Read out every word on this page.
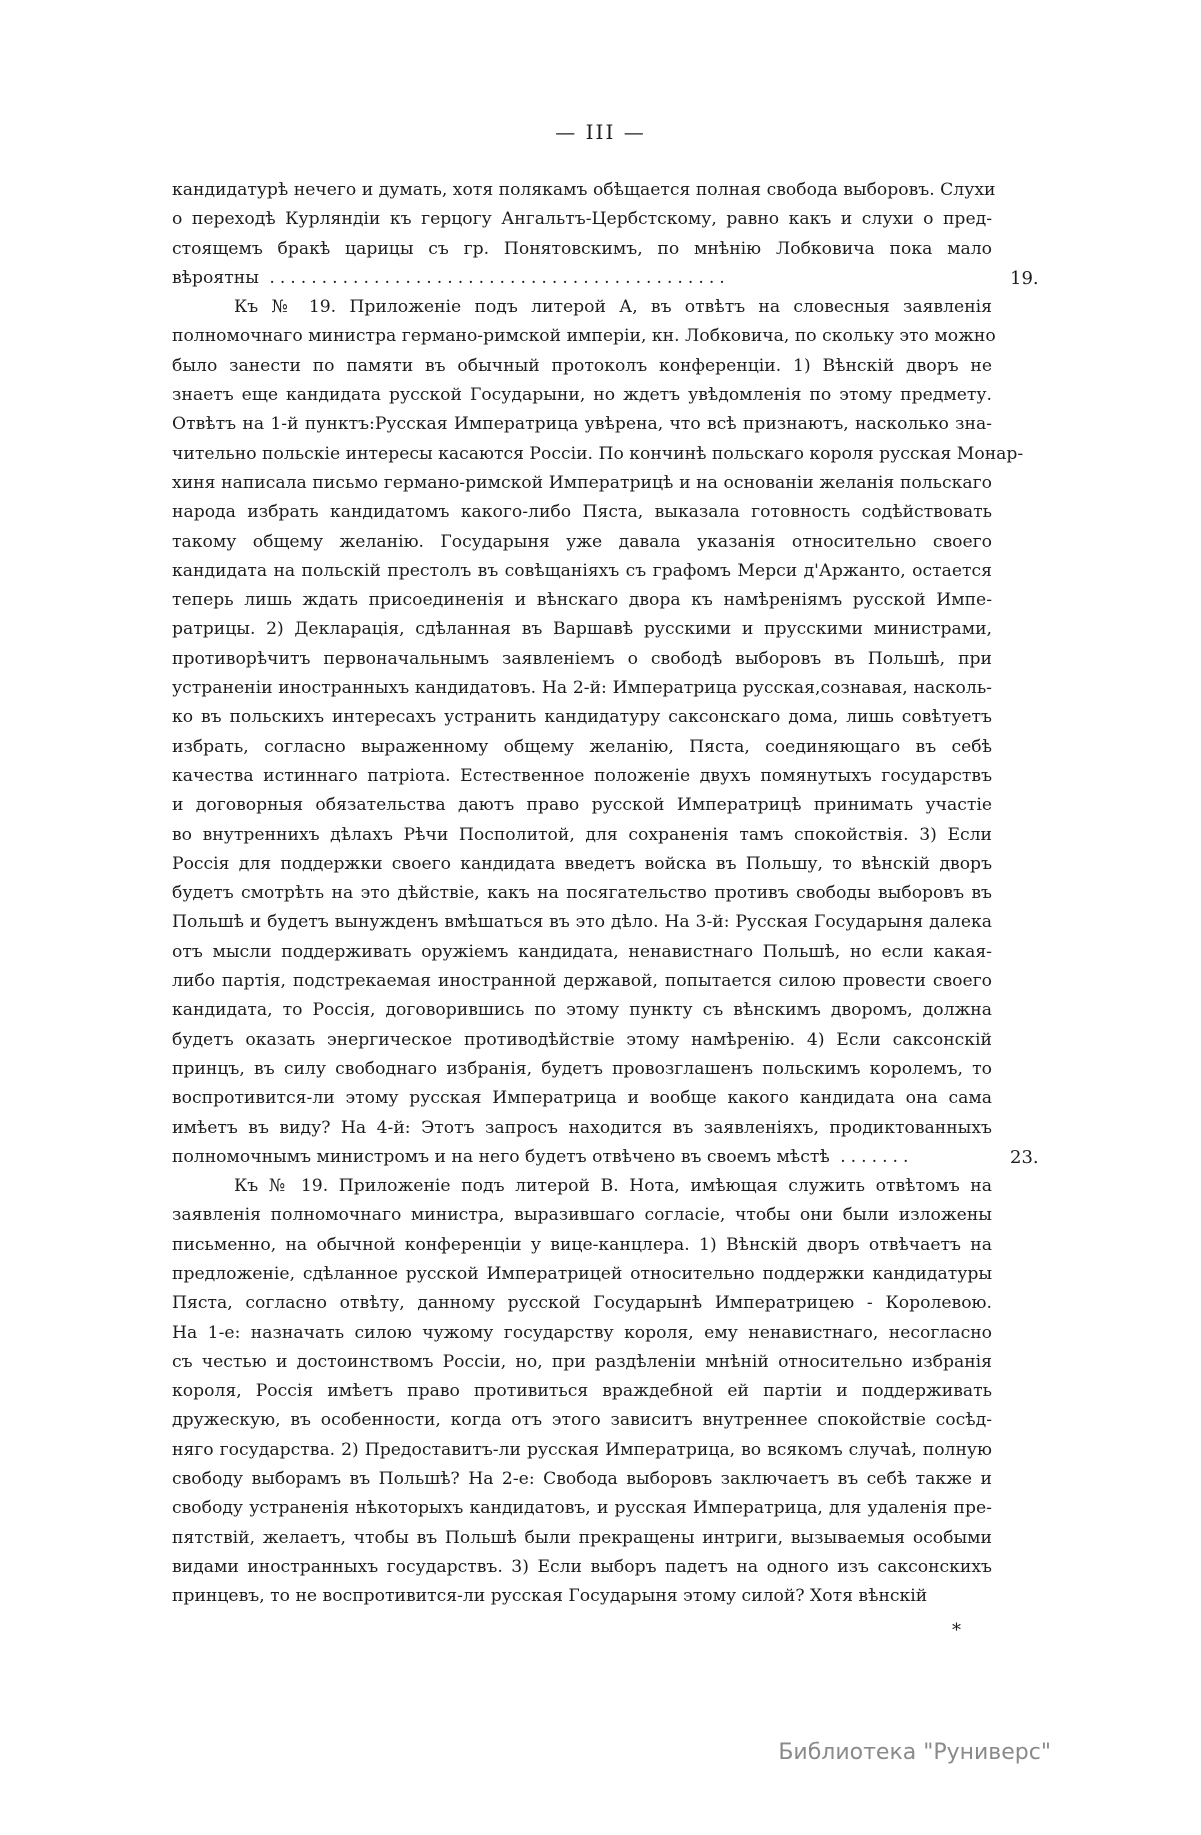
— III —
кандидатурѣ нечего и думать, хотя полякамъ обѣщается полная свобода выборовъ. Слухи
о переходѣ Курляндіи къ герцогу Ангальтъ-Цербстскому, равно какъ и слухи о пред-
стоящемъ бракѣ царицы съ гр. Понятовскимъ, по мнѣнію Лобковича пока мало
вѣроятны ............................................
Къ № 19. Приложеніе подъ литерой А, въ отвѣтъ на словесныя заявленія
полномочнаго министра германо-римской имперіи, кн. Лобковича, по скольку это можно
было занести по памяти въ обычный протоколъ конференціи. 1) Вѣнскій дворъ не
знаетъ еще кандидата русской Государыни, но ждетъ увѣдомленія по этому предмету.
Отвѣтъ на 1-й пунктъ:Русская Императрица увѣрена, что всѣ признаютъ, насколько зна-
чительно польскіе интересы касаются Россіи. По кончинѣ польскаго короля русская Монар-
хиня написала письмо германо-римской Императрицѣ и на основаніи желанія польскаго
народа избрать кандидатомъ какого-либо Пяста, выказала готовность содѣйствовать
такому общему желанію. Государыня уже давала указанія относительно своего
кандидата на польскій престолъ въ совѣщаніяхъ съ графомъ Мерси д'Аржанто, остается
теперь лишь ждать присоединенія и вѣнскаго двора къ намѣреніямъ русской Импе-
ратрицы. 2) Декларація, сдѣланная въ Варшавѣ русскими и прусскими министрами,
противорѣчитъ первоначальнымъ заявленіемъ о свободѣ выборовъ въ Польшѣ, при
устраненіи иностранныхъ кандидатовъ. На 2-й: Императрица русская,сознавая, насколь-
ко въ польскихъ интересахъ устранить кандидатуру саксонскаго дома, лишь совѣтуетъ
избрать, согласно выраженному общему желанію, Пяста, соединяющаго въ себѣ
качества истиннаго патріота. Естественное положеніе двухъ помянутыхъ государствъ
и договорныя обязательства даютъ право русской Императрицѣ принимать участіе
во внутреннихъ дѣлахъ Рѣчи Посполитой, для сохраненія тамъ спокойствія. 3) Если
Россія для поддержки своего кандидата введетъ войска въ Польшу, то вѣнскій дворъ
будетъ смотрѣть на это дѣйствіе, какъ на посягательство противъ свободы выборовъ въ
Польшѣ и будетъ вынужденъ вмѣшаться въ это дѣло. На 3-й: Русская Государыня далека
отъ мысли поддерживать оружіемъ кандидата, ненавистнаго Польшѣ, но если какая-
либо партія, подстрекаемая иностранной державой, попытается силою провести своего
кандидата, то Россія, договорившись по этому пункту съ вѣнскимъ дворомъ, должна
будетъ оказать энергическое противодѣйствіе этому намѣренію. 4) Если саксонскій
принцъ, въ силу свободнаго избранія, будетъ провозглашенъ польскимъ королемъ, то
воспротивится-ли этому русская Императрица и вообще какого кандидата она сама
имѣетъ въ виду? На 4-й: Этотъ запросъ находится въ заявленіяхъ, продиктованныхъ
полномочнымъ министромъ и на него будетъ отвѣчено въ своемъ мѣстѣ .......
Къ № 19. Приложеніе подъ литерой В. Нота, имѣющая служить отвѣтомъ на
заявленія полномочнаго министра, выразившаго согласіе, чтобы они были изложены
письменно, на обычной конференціи у вице-канцлера. 1) Вѣнскій дворъ отвѣчаетъ на
предложеніе, сдѣланное русской Императрицей относительно поддержки кандидатуры
Пяста, согласно отвѣту, данному русской Государынѣ Императрицею - Королевою.
На 1-е: назначать силою чужому государству короля, ему ненавистнаго, несогласно
съ честью и достоинствомъ Россіи, но, при раздѣленіи мнѣній относительно избранія
короля, Россія имѣетъ право противиться враждебной ей партіи и поддерживать
дружескую, въ особенности, когда отъ этого зависитъ внутреннее спокойствіе сосѣд-
няго государства. 2) Предоставитъ-ли русская Императрица, во всякомъ случаѣ, полную
свободу выборамъ въ Польшѣ? На 2-е: Свобода выборовъ заключаетъ въ себѣ также и
свободу устраненія нѣкоторыхъ кандидатовъ, и русская Императрица, для удаленія пре-
пятствій, желаетъ, чтобы въ Польшѣ были прекращены интриги, вызываемыя особыми
видами иностранныхъ государствъ. 3) Если выборъ падетъ на одного изъ саксонскихъ
принцевъ, то не воспротивится-ли русская Государыня этому силой? Хотя вѣнскій
*
Библиотека "Руниверс"
19.
23.
